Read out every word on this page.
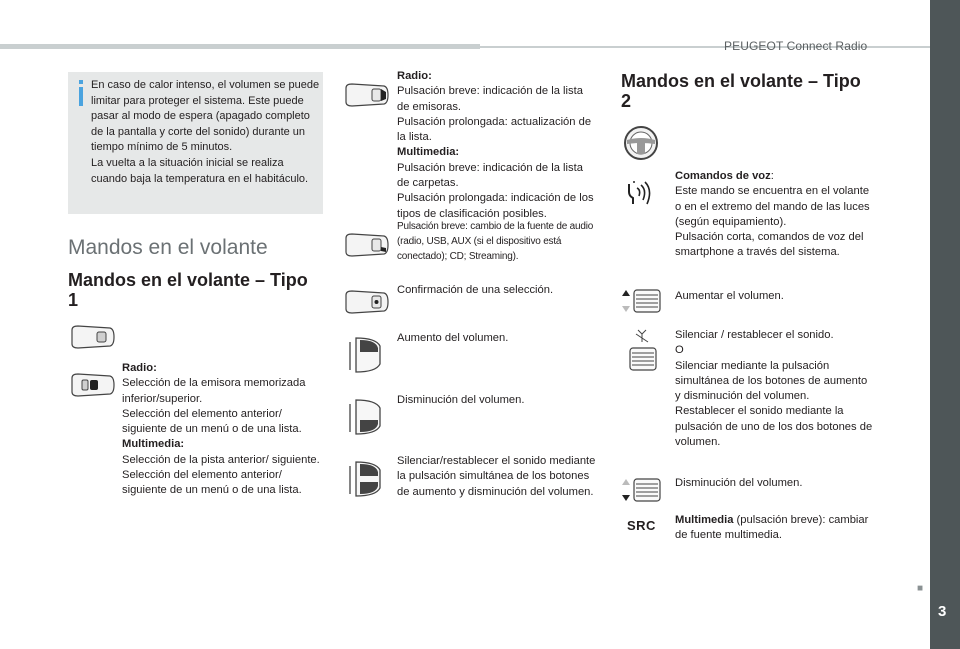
PEUGEOT Connect Radio
■
3
En caso de calor intenso, el volumen se puede limitar para proteger el sistema. Este puede pasar al modo de espera (apagado completo de la pantalla y corte del sonido) durante un tiempo mínimo de 5 minutos.
La vuelta a la situación inicial se realiza cuando baja la temperatura en el habitáculo.
Mandos en el volante
Mandos en el volante – Tipo 1
Radio:
Selección de la emisora memorizada inferior/superior.
Selección del elemento anterior/ siguiente de un menú o de una lista.
Multimedia:
Selección de la pista anterior/ siguiente.
Selección del elemento anterior/ siguiente de un menú o de una lista.
Radio:
Pulsación breve: indicación de la lista de emisoras.
Pulsación prolongada: actualización de la lista.
Multimedia:
Pulsación breve: indicación de la lista de carpetas.
Pulsación prolongada: indicación de los tipos de clasificación posibles.
Pulsación breve: cambio de la fuente de audio (radio, USB, AUX (si el dispositivo está conectado); CD; Streaming).
Confirmación de una selección.
Aumento del volumen.
Disminución del volumen.
Silenciar/restablecer el sonido mediante la pulsación simultánea de los botones de aumento y disminución del volumen.
Mandos en el volante – Tipo 2
Comandos de voz:
Este mando se encuentra en el volante o en el extremo del mando de las luces (según equipamiento).
Pulsación corta, comandos de voz del smartphone a través del sistema.
Aumentar el volumen.
Silenciar / restablecer el sonido.
O
Silenciar mediante la pulsación simultánea de los botones de aumento y disminución del volumen.
Restablecer el sonido mediante la pulsación de uno de los dos botones de volumen.
Disminución del volumen.
SRC Multimedia (pulsación breve): cambiar de fuente multimedia.
